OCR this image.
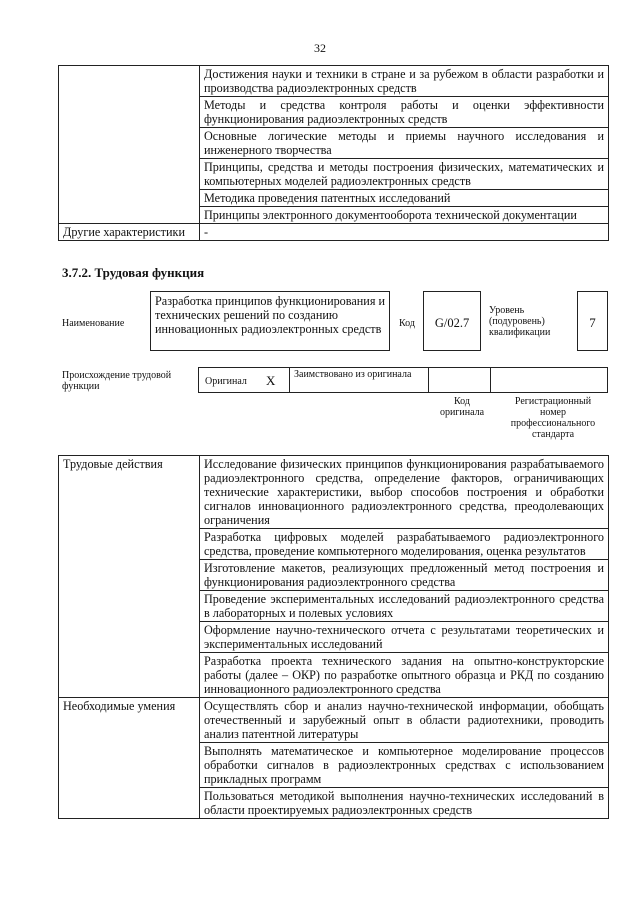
32
	Достижения науки и техники в стране и за рубежом в области разработки и производства радиоэлектронных средств
	Методы и средства контроля работы и оценки эффективности функционирования радиоэлектронных средств
	Основные логические методы и приемы научного исследования и инженерного творчества
	Принципы, средства и методы построения физических, математических и компьютерных моделей радиоэлектронных средств
	Методика проведения патентных исследований
	Принципы электронного документооборота технической документации
Другие характеристики	-
3.7.2. Трудовая функция
Наименование
Разработка принципов функционирования и технических решений по созданию инновационных радиоэлектронных средств	Код	G/02.7
Уровень (подуровень) квалификации
7
Происхождение трудовой функции	Оригинал X Заимствовано из оригинала
Код оригинала
Регистрационный номер профессионального стандарта
Трудовые действия	Исследование физических принципов функционирования разрабатываемого радиоэлектронного средства, определение факторов, ограничивающих технические характеристики, выбор способов построения и обработки сигналов инновационного радиоэлектронного средства, преодолевающих ограничения
	Разработка цифровых моделей разрабатываемого радиоэлектронного средства, проведение компьютерного моделирования, оценка результатов
	Изготовление макетов, реализующих предложенный метод построения и функционирования радиоэлектронного средства
	Проведение экспериментальных исследований радиоэлектронного средства в лабораторных и полевых условиях
	Оформление научно-технического отчета с результатами теоретических и экспериментальных исследований
	Разработка проекта технического задания на опытно-конструкторские работы (далее – ОКР) по разработке опытного образца и РКД по созданию инновационного радиоэлектронного средства
Необходимые умения	Осуществлять сбор и анализ научно-технической информации, обобщать отечественный и зарубежный опыт в области радиотехники, проводить анализ патентной литературы
	Выполнять математическое и компьютерное моделирование процессов обработки сигналов в радиоэлектронных средствах с использованием прикладных программ
	Пользоваться методикой выполнения научно-технических исследований в области проектируемых радиоэлектронных средств
